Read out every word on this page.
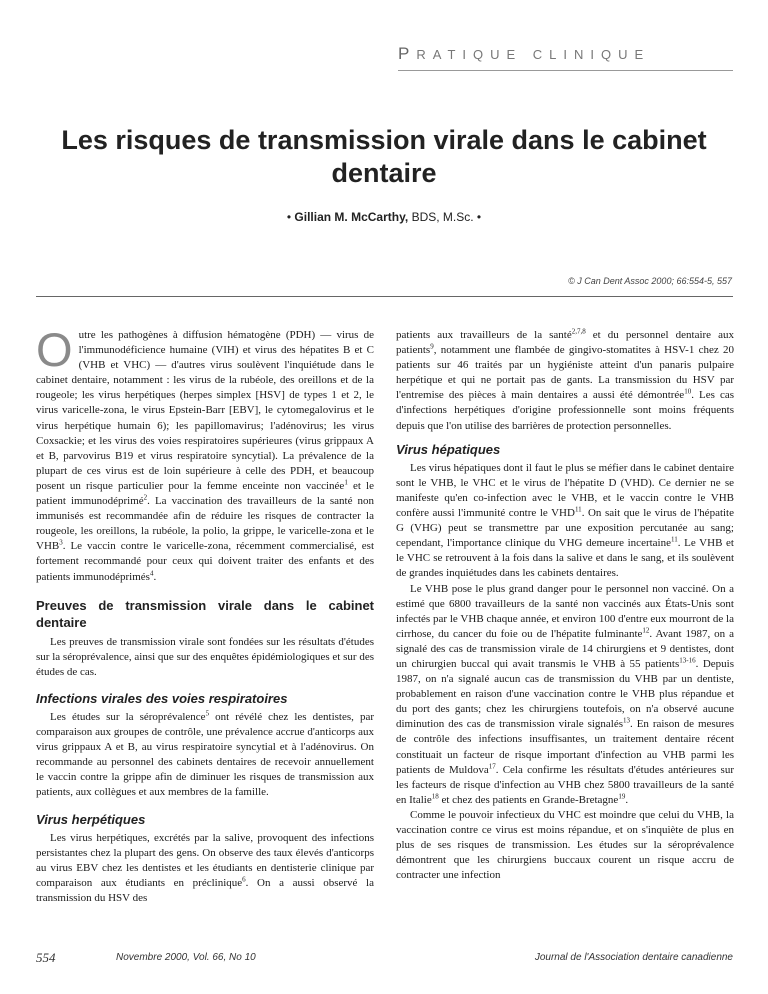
PRATIQUE CLINIQUE
Les risques de transmission virale dans le cabinet dentaire
• Gillian M. McCarthy, BDS, M.Sc. •
© J Can Dent Assoc 2000; 66:554-5, 557

Outre les pathogènes à diffusion hématogène (PDH) — virus de l'immunodéficience humaine (VIH) et virus des hépatites B et C (VHB et VHC) — d'autres virus soulèvent l'inquiétude dans le cabinet dentaire, notamment : les virus de la rubéole, des oreillons et de la rougeole; les virus herpétiques (herpes simplex [HSV] de types 1 et 2, le virus varicelle-zona, le virus Epstein-Barr [EBV], le cytomegalovirus et le virus herpétique humain 6); les papillomavirus; l'adénovirus; les virus Coxsackie; et les virus des voies respiratoires supérieures (virus grippaux A et B, parvovirus B19 et virus respiratoire syncytial). La prévalence de la plupart de ces virus est de loin supérieure à celle des PDH, et beaucoup posent un risque particulier pour la femme enceinte non vaccinée$^1$ et le patient immunodéprimé$^2$. La vaccination des travailleurs de la santé non immunisés est recommandée afin de réduire les risques de contracter la rougeole, les oreillons, la rubéole, la polio, la grippe, le varicelle-zona et le VHB$^3$. Le vaccin contre le varicelle-zona, récemment commercialisé, est fortement recommandé pour ceux qui doivent traiter des enfants et des patients immunodéprimés$^4$.

Preuves de transmission virale dans le cabinet dentaire

Les preuves de transmission virale sont fondées sur les résultats d'études sur la séroprévalence, ainsi que sur des enquêtes épidémiologiques et sur des études de cas.

Infections virales des voies respiratoires

Les études sur la séroprévalence$^5$ ont révélé chez les dentistes, par comparaison aux groupes de contrôle, une prévalence accrue d'anticorps aux virus grippaux A et B, au virus respiratoire syncytial et à l'adénovirus. On recommande au personnel des cabinets dentaires de recevoir annuellement le vaccin contre la grippe afin de diminuer les risques de transmission aux patients, aux collègues et aux membres de la famille.

Virus herpétiques

Les virus herpétiques, excrétés par la salive, provoquent des infections persistantes chez la plupart des gens. On observe des taux élevés d'anticorps au virus EBV chez les dentistes et les étudiants en dentisterie clinique par comparaison aux étudiants en préclinique$^6$. On a aussi observé la transmission du HSV des

patients aux travailleurs de la santé$^{2,7,8}$ et du personnel dentaire aux patients$^9$, notamment une flambée de gingivo-stomatites à HSV-1 chez 20 patients sur 46 traités par un hygiéniste atteint d'un panaris pulpaire herpétique et qui ne portait pas de gants. La transmission du HSV par l'entremise des pièces à main dentaires a aussi été démontrée$^{10}$. Les cas d'infections herpétiques d'origine professionnelle sont moins fréquents depuis que l'on utilise des barrières de protection personnelles.

Virus hépatiques

Les virus hépatiques dont il faut le plus se méfier dans le cabinet dentaire sont le VHB, le VHC et le virus de l'hépatite D (VHD). Ce dernier ne se manifeste qu'en co-infection avec le VHB, et le vaccin contre le VHB confère aussi l'immunité contre le VHD$^{11}$. On sait que le virus de l'hépatite G (VHG) peut se transmettre par une exposition percutanée au sang; cependant, l'importance clinique du VHG demeure incertaine$^{11}$. Le VHB et le VHC se retrouvent à la fois dans la salive et dans le sang, et ils soulèvent de grandes inquiétudes dans les cabinets dentaires.

Le VHB pose le plus grand danger pour le personnel non vacciné. On a estimé que 6800 travailleurs de la santé non vaccinés aux États-Unis sont infectés par le VHB chaque année, et environ 100 d'entre eux mourront de la cirrhose, du cancer du foie ou de l'hépatite fulminante$^{12}$. Avant 1987, on a signalé des cas de transmission virale de 14 chirurgiens et 9 dentistes, dont un chirurgien buccal qui avait transmis le VHB à 55 patients$^{13-16}$. Depuis 1987, on n'a signalé aucun cas de transmission du VHB par un dentiste, probablement en raison d'une vaccination contre le VHB plus répandue et du port des gants; chez les chirurgiens toutefois, on n'a observé aucune diminution des cas de transmission virale signalés$^{13}$. En raison de mesures de contrôle des infections insuffisantes, un traitement dentaire récent constituait un facteur de risque important d'infection au VHB parmi les patients de Muldova$^{17}$. Cela confirme les résultats d'études antérieures sur les facteurs de risque d'infection au VHB chez 5800 travailleurs de la santé en Italie$^{18}$ et chez des patients en Grande-Bretagne$^{19}$.

Comme le pouvoir infectieux du VHC est moindre que celui du VHB, la vaccination contre ce virus est moins répandue, et on s'inquiète de plus en plus de ses risques de transmission. Les études sur la séroprévalence démontrent que les chirurgiens buccaux courent un risque accru de contracter une infection

554	Novembre 2000, Vol. 66, No 10	Journal de l'Association dentaire canadienne
